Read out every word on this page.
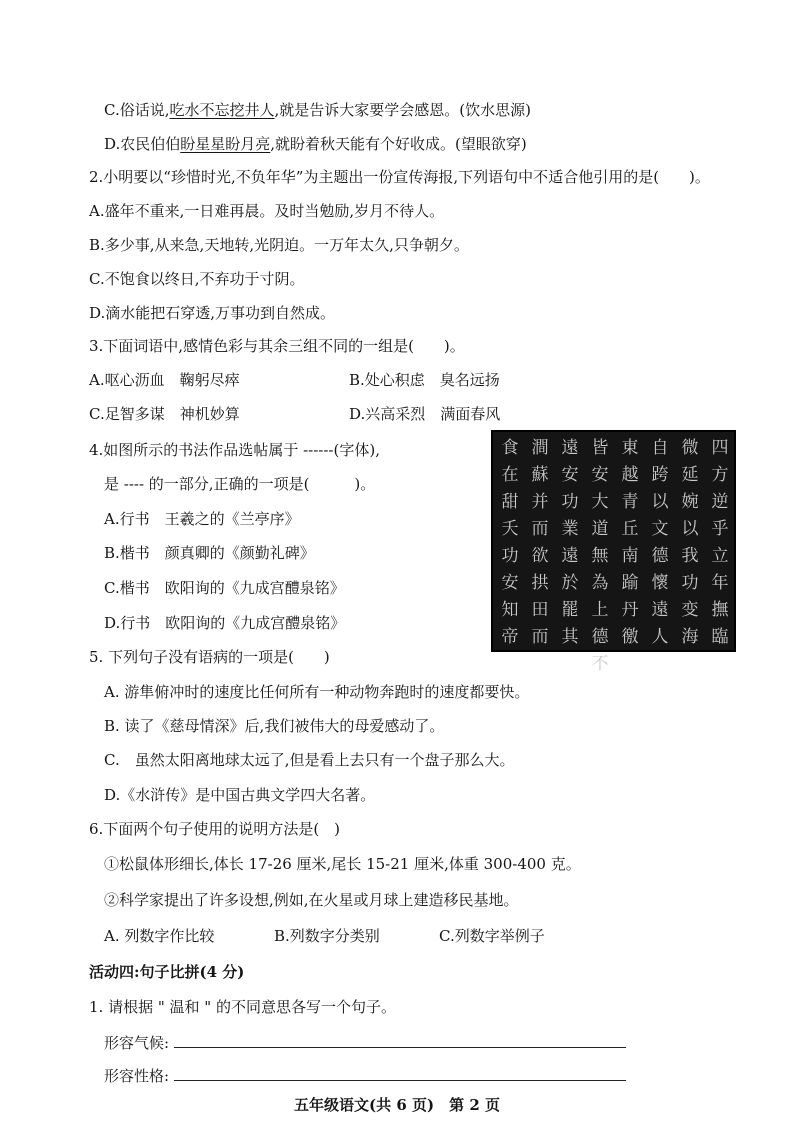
C.俗话说,吃水不忘挖井人,就是告诉大家要学会感恩。(饮水思源)
D.农民伯伯盼星星盼月亮,就盼着秋天能有个好收成。(望眼欲穿)
2.小明要以“珍惜时光,不负年华”为主题出一份宣传海报,下列语句中不适合他引用的是(　　)。
A.盛年不重来,一日难再晨。及时当勉励,岁月不待人。
B.多少事,从来急,天地转,光阴迫。一万年太久,只争朝夕。
C.不饱食以终日,不弃功于寸阴。
D.滴水能把石穿透,万事功到自然成。
3.下面词语中,感情色彩与其余三组不同的一组是(　　)。
A.呕心沥血　鞠躬尽瘁	B.处心积虑　臭名远扬
C.足智多谋　神机妙算	D.兴高采烈　满面春风
4.如图所示的书法作品选帖属于 ------(字体),
是 ---- 的一部分,正确的一项是(　　　)。
A.行书　王羲之的《兰亭序》
B.楷书　颜真卿的《颜勤礼碑》
C.楷书　欧阳询的《九成宫醴泉铭》
D.行书　欧阳询的《九成宫醴泉铭》
四方逆乎立年撫臨
微延婉以我功变海
自跨以文德懷遠人
東越青丘南踰丹徼
皆安大道無為上德不
遠安功業遠於罷其
澗蘇并而欲拱田而
食在甜夭功安知帝
5. 下列句子没有语病的一项是(　　)
A. 游隼俯冲时的速度比任何所有一种动物奔跑时的速度都要快。
B. 读了《慈母情深》后,我们被伟大的母爱感动了。
C.　虽然太阳离地球太远了,但是看上去只有一个盘子那么大。
D.《水浒传》是中国古典文学四大名著。
6.下面两个句子使用的说明方法是(　)
①松鼠体形细长,体长 17-26 厘米,尾长 15-21 厘米,体重 300-400 克。
②科学家提出了许多设想,例如,在火星或月球上建造移民基地。
A. 列数字作比较	B.列数字分类别	C.列数字举例子
活动四:句子比拼(4 分)
1. 请根据 " 温和 " 的不同意思各写一个句子。
形容气候:
形容性格:
五年级语文(共 6 页)　第 2 页
